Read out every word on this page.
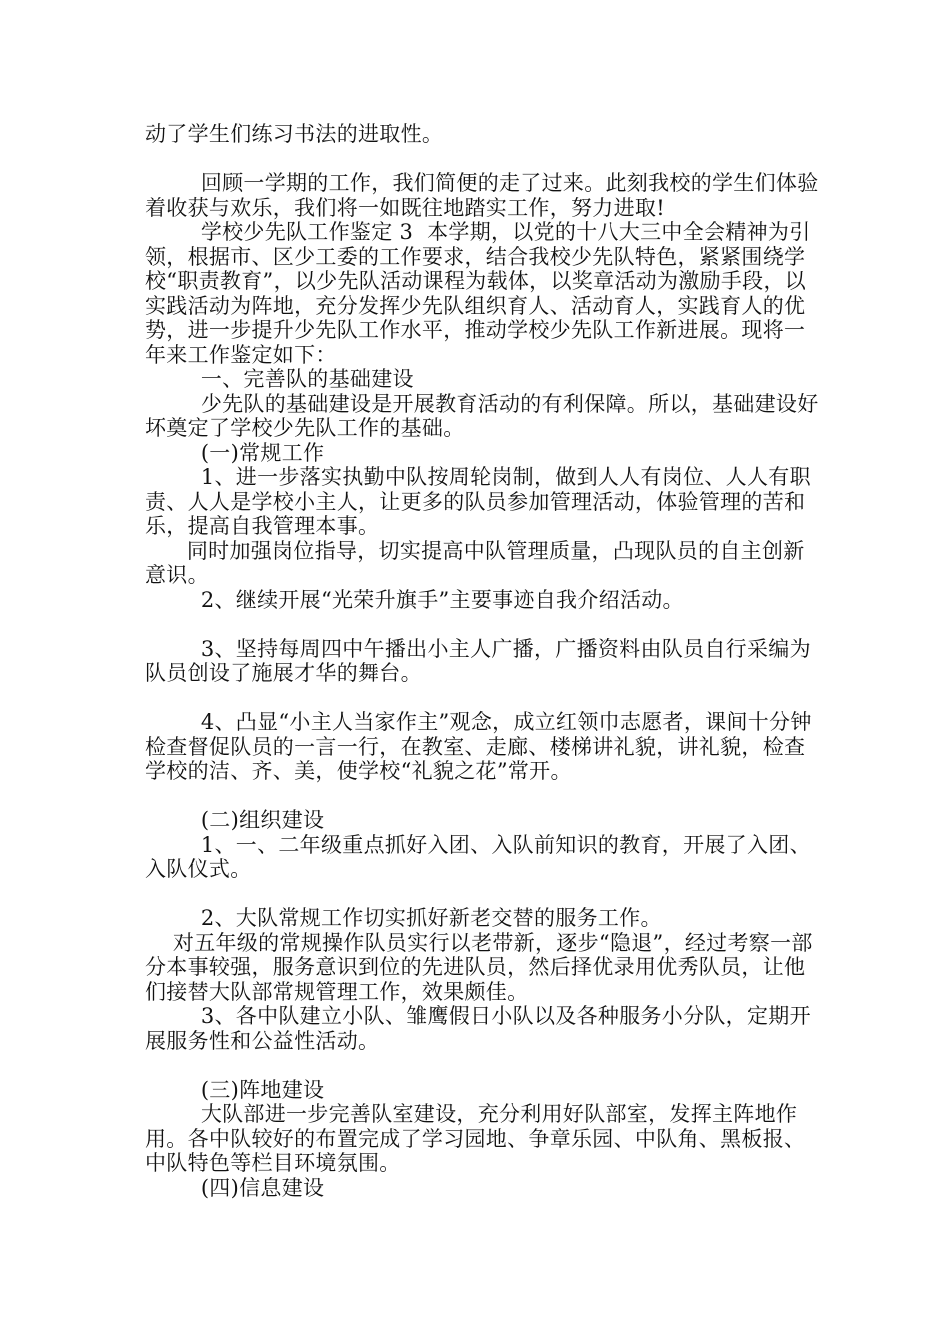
动了学生们练习书法的进取性。

回顾一学期的工作，我们简便的走了过来。此刻我校的学生们体验着收获与欢乐，我们将一如既往地踏实工作，努力进取!

学校少先队工作鉴定 3  本学期，以党的十八大三中全会精神为引领，根据市、区少工委的工作要求，结合我校少先队特色，紧紧围绕学校“职责教育”，以少先队活动课程为载体，以奖章活动为激励手段，以实践活动为阵地，充分发挥少先队组织育人、活动育人，实践育人的优势，进一步提升少先队工作水平，推动学校少先队工作新进展。现将一年来工作鉴定如下：

一、完善队的基础建设

少先队的基础建设是开展教育活动的有利保障。所以，基础建设好坏奠定了学校少先队工作的基础。

(一)常规工作

1、进一步落实执勤中队按周轮岗制，做到人人有岗位、人人有职责、人人是学校小主人，让更多的队员参加管理活动，体验管理的苦和乐，提高自我管理本事。

同时加强岗位指导，切实提高中队管理质量，凸现队员的自主创新意识。

2、继续开展“光荣升旗手”主要事迹自我介绍活动。

3、坚持每周四中午播出小主人广播，广播资料由队员自行采编为队员创设了施展才华的舞台。

4、凸显“小主人当家作主”观念，成立红领巾志愿者，课间十分钟检查督促队员的一言一行，在教室、走廊、楼梯讲礼貌，讲礼貌，检查学校的洁、齐、美，使学校“礼貌之花”常开。

(二)组织建设

1、一、二年级重点抓好入团、入队前知识的教育，开展了入团、入队仪式。

2、大队常规工作切实抓好新老交替的服务工作。

对五年级的常规操作队员实行以老带新，逐步“隐退”，经过考察一部分本事较强，服务意识到位的先进队员，然后择优录用优秀队员，让他们接替大队部常规管理工作，效果颇佳。

3、各中队建立小队、雏鹰假日小队以及各种服务小分队，定期开展服务性和公益性活动。

(三)阵地建设

大队部进一步完善队室建设，充分利用好队部室，发挥主阵地作用。各中队较好的布置完成了学习园地、争章乐园、中队角、黑板报、中队特色等栏目环境氛围。

(四)信息建设
